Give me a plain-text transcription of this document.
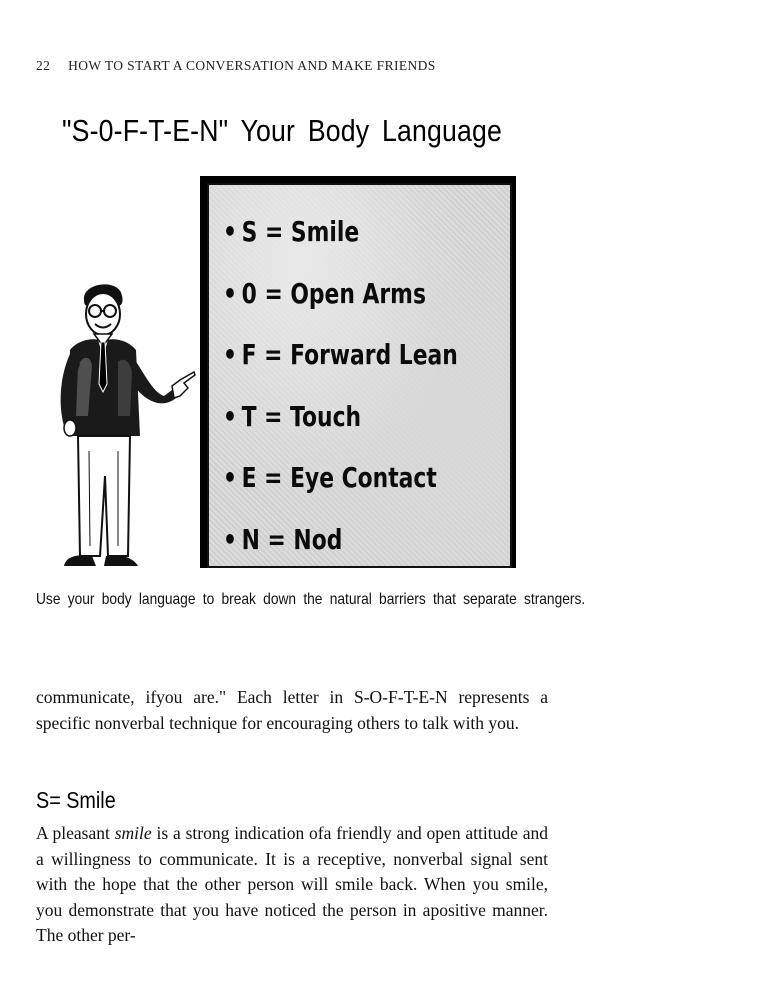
22 HOW TO START A CONVERSATION AND MAKE FRIENDS
"S-0-F-T-E-N" Your Body Language
• S = Smile
• 0 = Open Arms
• F = Forward Lean
• T = Touch
• E = Eye Contact
• N = Nod
Use your body language to break down the natural barriers that separate strangers.

communicate, ifyou are." Each letter in S-O-F-T-E-N represents a specific nonverbal technique for encouraging others to talk with you.

S= Smile

A pleasant smile is a strong indication ofa friendly and open attitude and a willingness to communicate. It is a receptive, nonverbal signal sent with the hope that the other person will smile back. When you smile, you demonstrate that you have noticed the person in apositive manner. The other per-
